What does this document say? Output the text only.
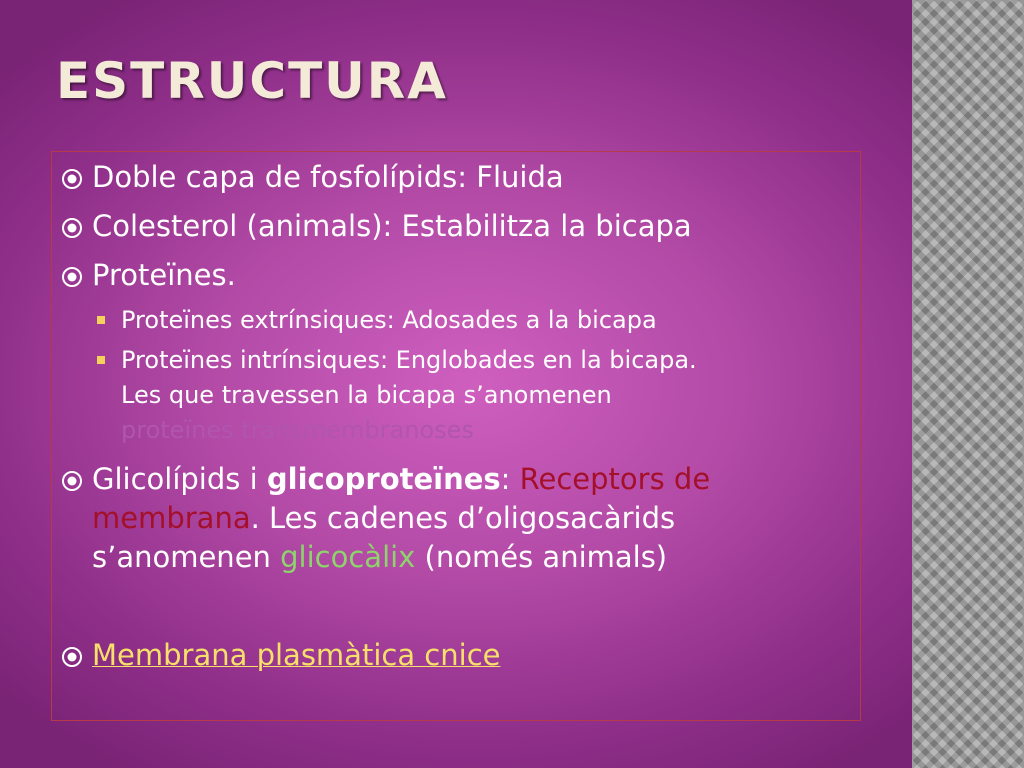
ESTRUCTURA

Doble capa de fosfolípids: Fluida

Colesterol (animals): Estabilitza la bicapa

Proteïnes.

Proteïnes extrínsiques: Adosades a la bicapa

Proteïnes intrínsiques: Englobades en la bicapa.

Les que travessen la bicapa s’anomenen

proteïnes transmembranoses

Glicolípids i glicoproteïnes: Receptors de

membrana. Les cadenes d’oligosacàrids

s’anomenen glicocàlix (només animals)

Membrana plasmàtica cnice
